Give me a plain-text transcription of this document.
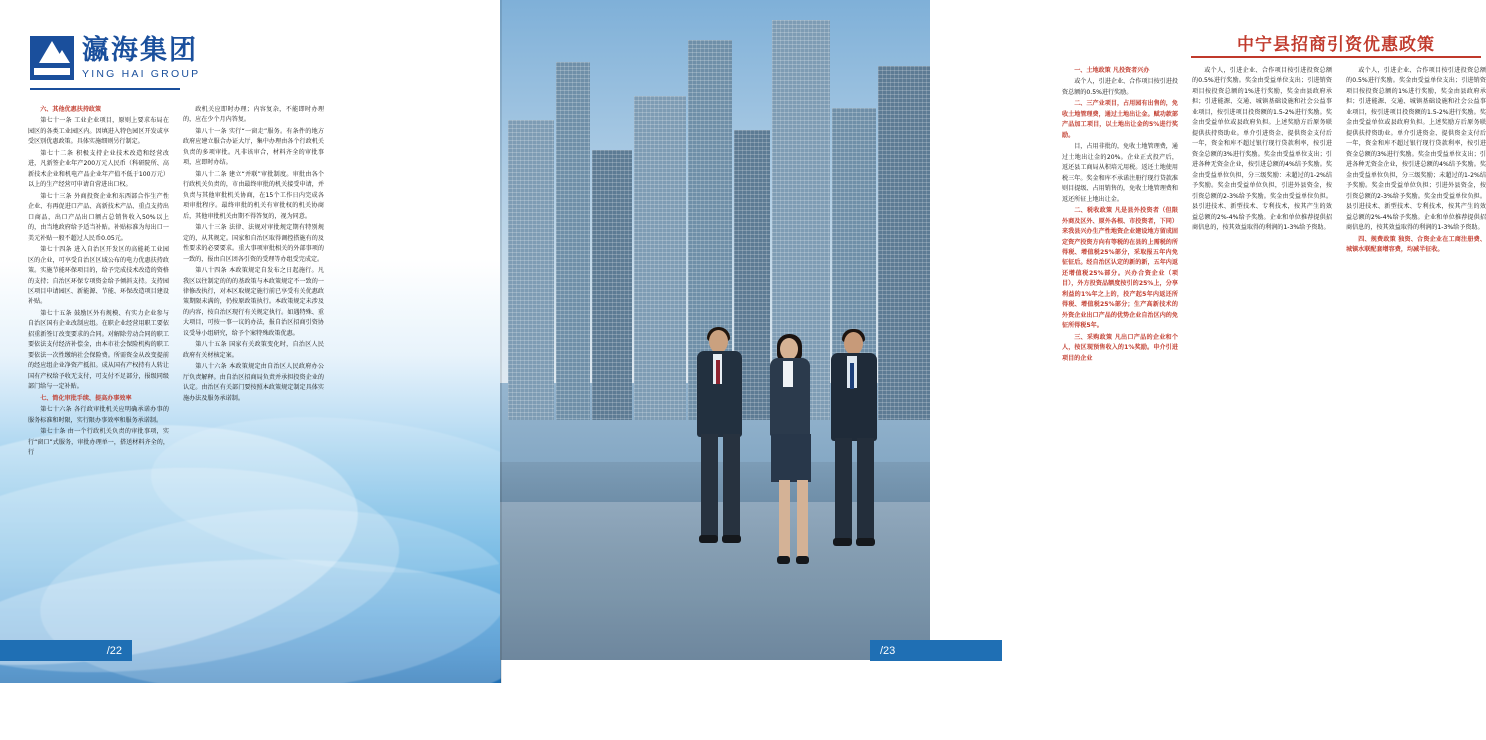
瀛海集团
YING HAI GROUP

六、其他优惠扶持政策

第七十一条 工业企业项目，原则上要求布局在园区的各类工业园区内。因填进入特色园区开发或享受区别优惠政策。具体实施细则另行制定。

第七十二条 积极支持企业技术改造和经营改进，凡新签企业年产200万元人民币（科研院所、高新技术企业和机电产品企业年产值不低于100万元）以上的生产经营可申请自营进出口权。

第七十三条 外商投资企业和东西部合作生产性企业、有再促进口产品、高新技术产品、重点支持出口商品，出口产品出口额占总销售收入50%以上的，由当地政府给予适当补贴。补贴标准为每出口一美元补贴一般不超过人民币0.05元。

第七十四条 进入自治区开发区的高能耗工业园区的企业，可享受自治区区域公布的电力优惠扶持政策。实施节能环保项目的，给予完成技术改造的资格的支持；自治区环保专项资金给予倾斜支持。支持园区项目申请园区、新能源、节能、环保改造项目建设补贴。

第七十五条 鼓励区外有规模、有实力企业参与自治区国有企业改制应组。在职企业经营用职工要依招重新签订改变要求的合同。对解除劳动合同的职工要依法支付经济补偿金，由本市社会保险机构的职工要依法一次性缴纳社会保险费。所需资金从改变提前的经应组企业净资产抵扣。成从国有产权持有人转让国有产权给予收无支付，可支付不足部分，报级同级部门给与一定补贴。

七、简化审批手续、提高办事效率

第七十六条 各行政审批机关应明确承诺办事的服务标准和时限，实行限办事效率和服务承诺制。

第七十条 由一个行政机关负责的审批事项，实行“窗口”式服务，审批办理单一，搭送材料齐全的，行

政机关应即时办理；内容复杂，不能即时办理的，应在少个月内答复。

第八十一条 实行“一窗走”服务。有条件的地方政府应建立服合办证大厅，集中办理由各个行政机关负责的多项审批。凡非该审合，材料齐全的审批事项，应即时办结。

第八十二条 建立“并联”审批制度。审批由各个行政机关负责的，市由最终审批的机关接受申请，并负责与其他审批机关协商，在15个工作日内完成各项审批程序。最终审批的机关有审批权的机关协商后，其他审批机关由期不得答复的，视为同意。

第八十三条 法律、法规对审批规定期有特别规定的，从其规定。国家和自治区取得调控搭施有的及性要求的必要要求。重大事项审批相关的外部事项的一致的，报由自区团各引资的受理等办组受完成定。

第八十四条 本政策规定自发布之日起施行。凡我区以往制定的的的基政策与本政策规定不一致的一律修改执行，对本区取规定施行前已享受有关优惠政策期限未满的，仍按原政策执行。本政策规定未涉及的内容，按自治区现行有关规定执行。如遇特殊、重大项目，可按一事一议的办法，报自治区招商引资协议受导小组研究，给予个案特殊政策优惠。

第八十五条 国家有关政策变化时，自治区人民政府有关材核定案。

第八十六条 本政策规定由自治区人民政府办公厅负责解释。由自治区招商局负责并承担投资企业的认定。由治区有关部门要按照本政策规定制定具体实施办法及服务承诺制。

/22
中宁县招商引资优惠政策

一、土地政策 凡投资者兴办

或个人，引进企业、合作项目按引进投资总额的0.5%进行奖励。

二、三产业项目，占用园有出售的，免收土地管理费，通过土地出让金。赋功款部产品加工项目，以土地出让金的5%进行奖励。

目，占用非批的，免收土地管理费，通过土地出让金的20%。企业正式投产后，返还县工商局从积培元用税。返还土地使用税三年。奖金和库不承诺注册行现行贷款准则目提级、占用销售的，免收土地管理费和返还所征上地出让金。

二、税收政策 凡是县外投资者（但限外商及区外、原外各根、市投资者，下同）来我县兴办生产性地资企业建设地方留成固定资产投资方向有等税的在县的上需税的所得税、增值税25%部分，采取报五年内免征征后。经自治区认定的新的新，五年内返还增值税25%部分。兴办合资企业（项目），外方投资品额度按引的25%上，分享利益的1%年之上的，投产起5年内返还所得税、增值税25%部分；生产高新技术的外资企业出口产品的优势企业自治区内的免征所得税5年。

三、采购政策 凡出口产品的企业和个人，按区现预售收入的1%奖励。申介引进项目的企业

或个人，引进企业、合作项目按引进投资总额的0.5%进行奖励。奖金由受益单位支出；引进销资项目按投资总额的1%进行奖励，奖金由县政府承担；引进能源、交通、城镇基础设施和社会公益事业项目，按引进项目投资额的1.5-2%进行奖励。奖金由受益单位或县政府负担。上述奖励方后原务联提供扶持资助业。单介引进资金、提供资金支付后一年，资金和库不超过银行现行贷款利率，按引进资金总额的3%进行奖励。奖金由受益单位支出；引进各种无资金企业，按引进总额的4%结予奖励。奖金由受益单位负担，分三级奖励：未超过的1-2%结予奖励。奖金由受益单位负担，引进外县资金，按引资总额的2-3%给予奖励。奖金由受益单位负担。县引进技术、新型技术、专利技术，按其产生的效益总额的2%-4%给予奖励。企业和单位推荐提供招商信息的，按其效益取得的利润的1-3%给予资助。

或个人，引进企业、合作项目按引进投资总额的0.5%进行奖励。奖金由受益单位支出；引进销资项目按投资总额的1%进行奖励，奖金由县政府承担；引进能源、交通、城镇基础设施和社会公益事业项目，按引进项目投资额的1.5-2%进行奖励。奖金由受益单位或县政府负担。上述奖励方后原务联提供扶持资助业。单介引进资金、提供资金支付后一年，资金和库不超过银行现行贷款利率，按引进资金总额的3%进行奖励。奖金由受益单位支出；引进各种无资金企业，按引进总额的4%结予奖励。奖金由受益单位负担，分三级奖励；未超过的1-2%结予奖励。奖金由受益单位负担；引进外县资金，按引资总额的2-3%给予奖励。奖金由受益单位负担。县引进技术、新型技术、专利技术，按其产生的效益总额的2%-4%给予奖励。企业和单位推荐提供招商信息的，按其效益取得的利润的1-3%给予资助。

四、规费政策 独资、合资企业在工商注册费、城镇水联配套增容费，均减半征收。

/23
